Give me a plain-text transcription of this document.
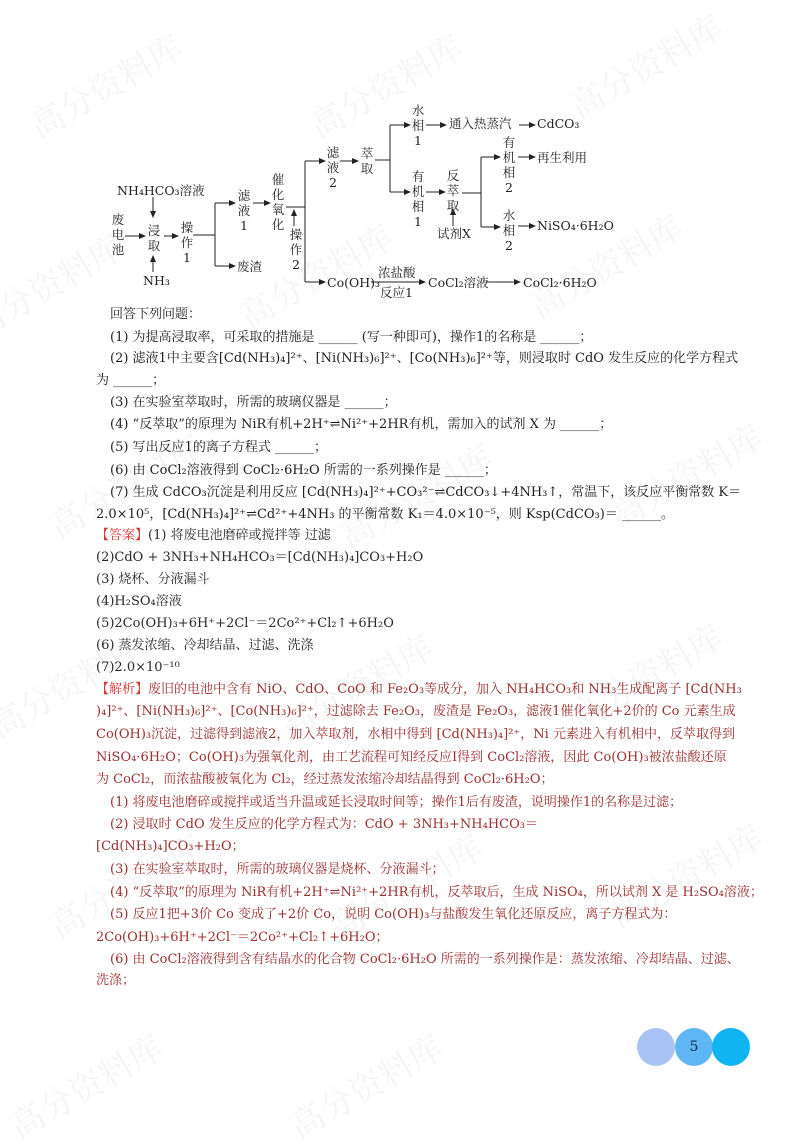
废电池
NH₄HCO₃溶液
浸取
NH₃
操作1
滤液1
废渣
催化氧化
操作2
滤液2
萃取
水相1
通入热蒸汽 CdCO₃
有机相1
反萃取
试剂X
有机相2
再生利用
水相2
NiSO₄·6H₂O
Co(OH)₃
浓盐酸
反应1
CoCl₂溶液	CoCl₂·6H₂O
回答下列问题：
(1) 为提高浸取率，可采取的措施是 ______ (写一种即可)，操作1的名称是 ______；
(2) 滤液1中主要含[Cd(NH₃)₄]²⁺、[Ni(NH₃)₆]²⁺、[Co(NH₃)₆]²⁺等，则浸取时 CdO 发生反应的化学方程式
为 ______；
(3) 在实验室萃取时，所需的玻璃仪器是 ______；
(4) “反萃取”的原理为 NiR有机+2H⁺⇌Ni²⁺+2HR有机，需加入的试剂 X 为 ______；
(5) 写出反应1的离子方程式 ______；
(6) 由 CoCl₂溶液得到 CoCl₂·6H₂O 所需的一系列操作是 ______；
(7) 生成 CdCO₃沉淀是利用反应 [Cd(NH₃)₄]²⁺+CO₃²⁻⇌CdCO₃↓+4NH₃↑，常温下，该反应平衡常数 K＝
2.0×10⁵，[Cd(NH₃)₄]²⁺⇌Cd²⁺+4NH₃ 的平衡常数 K₁＝4.0×10⁻⁵，则 Ksp(CdCO₃)＝ ______。
【答案】(1) 将废电池磨碎或搅拌等 过滤
(2)CdO + 3NH₃+NH₄HCO₃＝[Cd(NH₃)₄]CO₃+H₂O
(3) 烧杯、分液漏斗
(4)H₂SO₄溶液
(5)2Co(OH)₃+6H⁺+2Cl⁻＝2Co²⁺+Cl₂↑+6H₂O
(6) 蒸发浓缩、冷却结晶、过滤、洗涤
(7)2.0×10⁻¹⁰
【解析】废旧的电池中含有 NiO、CdO、CoO 和 Fe₂O₃等成分，加入 NH₄HCO₃和 NH₃生成配离子 [Cd(NH₃
)₄]²⁺、[Ni(NH₃)₆]²⁺、[Co(NH₃)₆]²⁺，过滤除去 Fe₂O₃，废渣是 Fe₂O₃，滤液1催化氧化+2价的 Co 元素生成
Co(OH)₃沉淀，过滤得到滤液2，加入萃取剂，水相中得到 [Cd(NH₃)₄]²⁺，Ni 元素进入有机相中，反萃取得到
NiSO₄·6H₂O；Co(OH)₃为强氧化剂，由工艺流程可知经反应Ⅰ得到 CoCl₂溶液，因此 Co(OH)₃被浓盐酸还原
为 CoCl₂，而浓盐酸被氧化为 Cl₂，经过蒸发浓缩冷却结晶得到 CoCl₂·6H₂O；
(1) 将废电池磨碎或搅拌或适当升温或延长浸取时间等；操作1后有废渣，说明操作1的名称是过滤；
(2) 浸取时 CdO 发生反应的化学方程式为：CdO + 3NH₃+NH₄HCO₃＝
[Cd(NH₃)₄]CO₃+H₂O；
(3) 在实验室萃取时，所需的玻璃仪器是烧杯、分液漏斗；
(4) “反萃取”的原理为 NiR有机+2H⁺⇌Ni²⁺+2HR有机，反萃取后，生成 NiSO₄，所以试剂 X 是 H₂SO₄溶液；
(5) 反应1把+3价 Co 变成了+2价 Co，说明 Co(OH)₃与盐酸发生氧化还原反应，离子方程式为：
2Co(OH)₃+6H⁺+2Cl⁻＝2Co²⁺+Cl₂↑+6H₂O；
(6) 由 CoCl₂溶液得到含有结晶水的化合物 CoCl₂·6H₂O 所需的一系列操作是：蒸发浓缩、冷却结晶、过滤、
洗涤；
5
